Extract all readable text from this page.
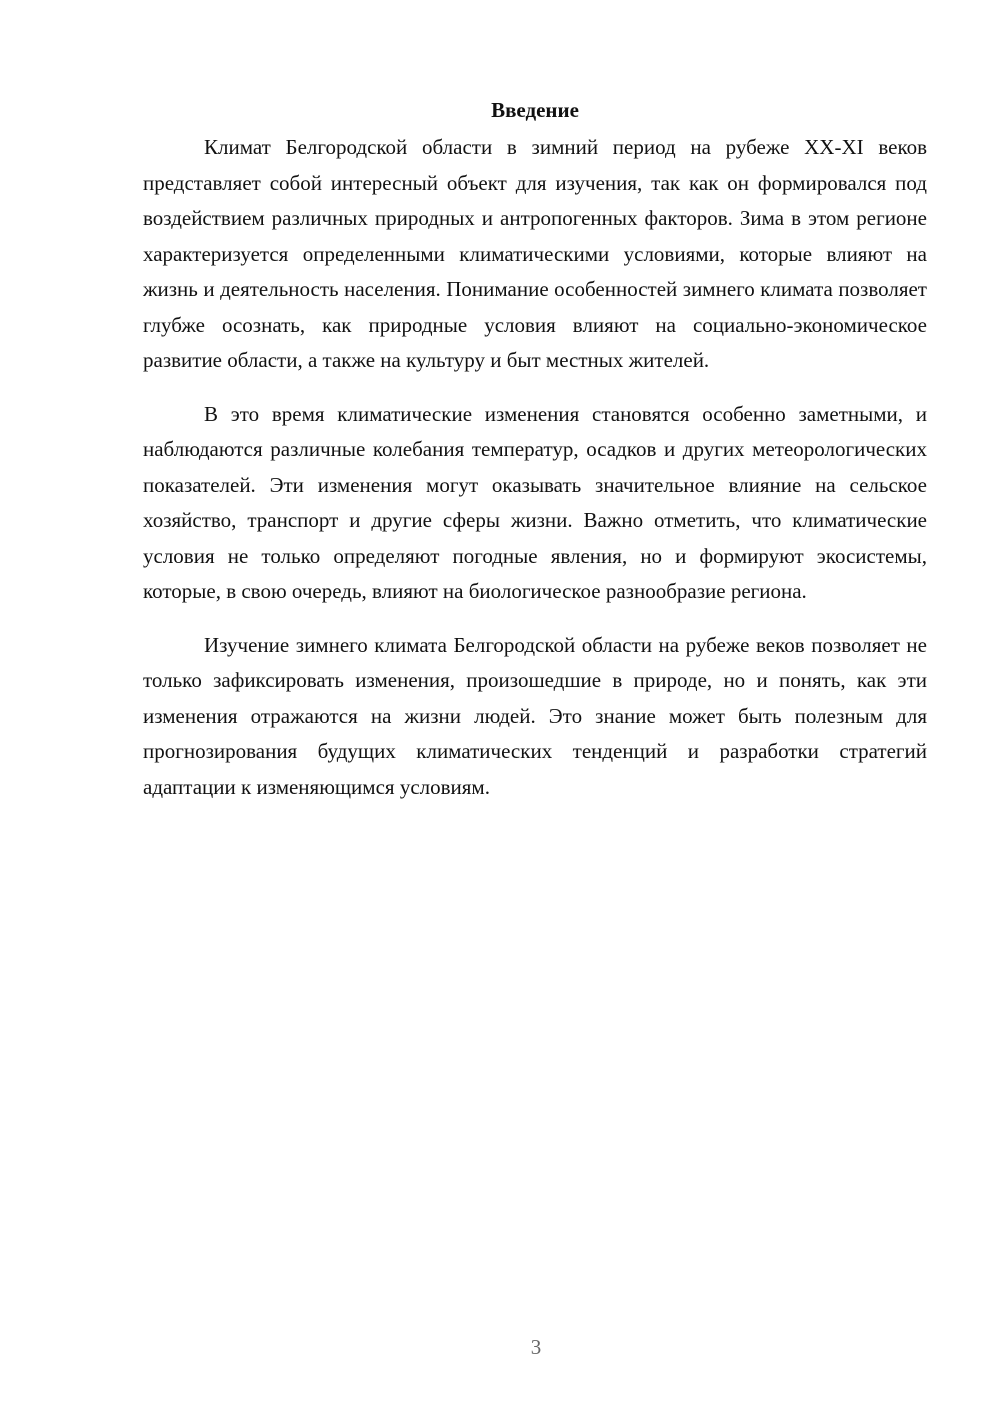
Введение

Климат Белгородской области в зимний период на рубеже XX-XI веков представляет собой интересный объект для изучения, так как он формировался под воздействием различных природных и антропогенных факторов. Зима в этом регионе характеризуется определенными климатическими условиями, которые влияют на жизнь и деятельность населения. Понимание особенностей зимнего климата позволяет глубже осознать, как природные условия влияют на социально-экономическое развитие области, а также на культуру и быт местных жителей.

В это время климатические изменения становятся особенно заметными, и наблюдаются различные колебания температур, осадков и других метеорологических показателей. Эти изменения могут оказывать значительное влияние на сельское хозяйство, транспорт и другие сферы жизни. Важно отметить, что климатические условия не только определяют погодные явления, но и формируют экосистемы, которые, в свою очередь, влияют на биологическое разнообразие региона.

Изучение зимнего климата Белгородской области на рубеже веков позволяет не только зафиксировать изменения, произошедшие в природе, но и понять, как эти изменения отражаются на жизни людей. Это знание может быть полезным для прогнозирования будущих климатических тенденций и разработки стратегий адаптации к изменяющимся условиям.

3
